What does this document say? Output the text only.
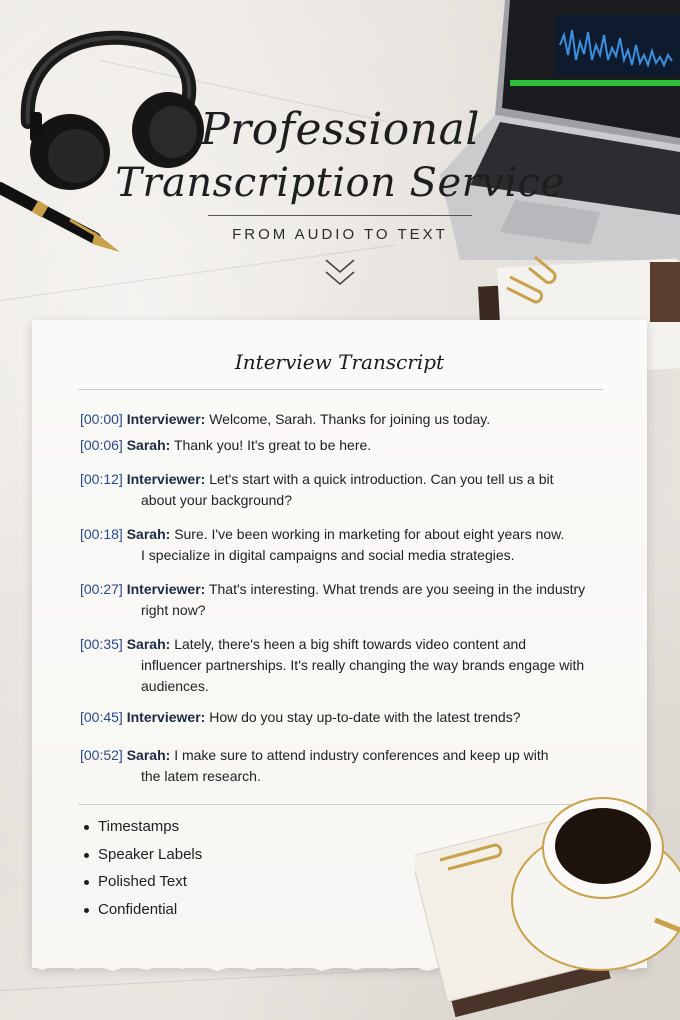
Professional
Transcription Service
FROM AUDIO TO TEXT
Interview Transcript
[00:00] Interviewer: Welcome, Sarah. Thanks for joining us today.
[00:06] Sarah: Thank you! It's great to be here.
[00:12] Interviewer: Let's start with a quick introduction. Can you tell us a bit
about your background?
[00:18] Sarah: Sure. I've been working in marketing for about eight years now.
I specialize in digital campaigns and social media strategies.
[00:27] Interviewer: That's interesting. What trends are you seeing in the industry
right now?
[00:35] Sarah: Lately, there's heen a big shift towards video content and
influencer partnerships. It's really changing the way brands engage with
audiences.
[00:45] Interviewer: How do you stay up-to-date with the latest trends?
[00:52] Sarah: I make sure to attend industry conferences and keep up with
the latem research.
Timestamps
Speaker Labels
Polished Text
Confidential
